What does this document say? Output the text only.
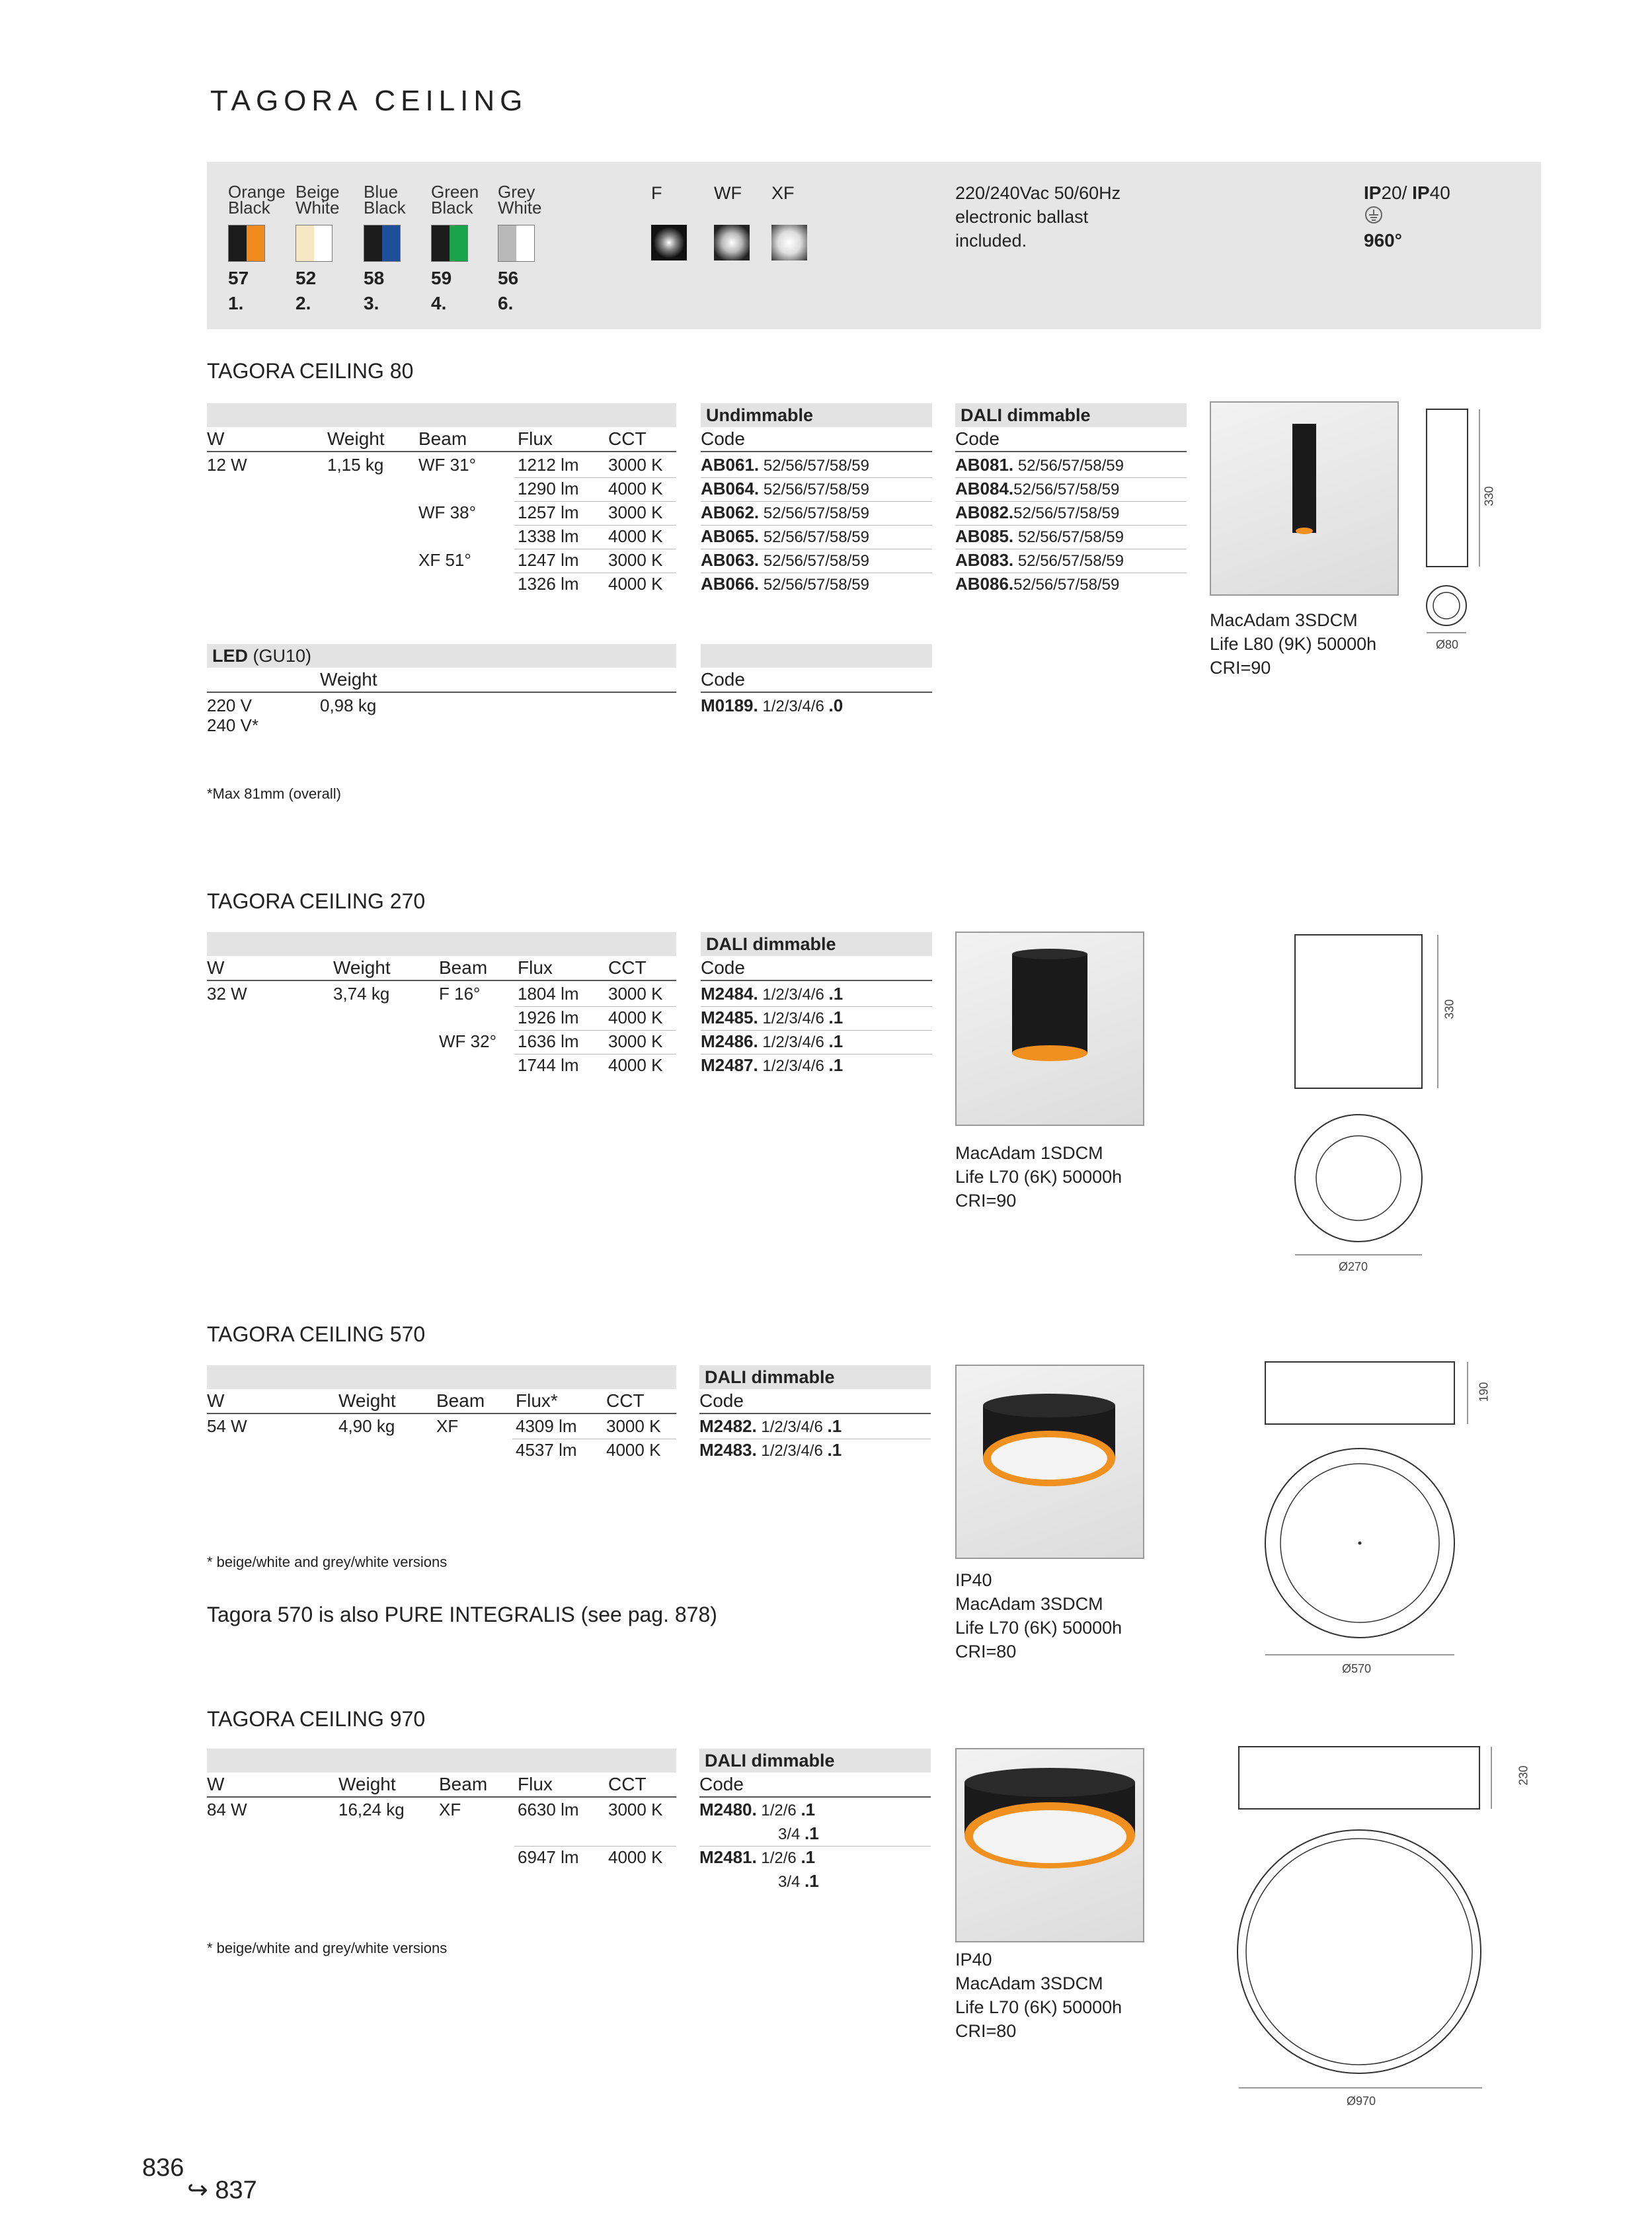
TAGORA CEILING
Orange
Black
57
1.
Beige
White
52
2.
Blue
Black
58
3.
Green
Black
59
4.
Grey
White
56
6.
F	WF XF	220/240Vac 50/60Hz
electronic ballast
included.
IP20/ IP40
960°
TAGORA CEILING 80
Undimmable	DALI dimmable
W	Weight Beam	Flux	CCT	Code	Code
12 W	1,15 kg WF 31° 1212 lm 3000 K AB061. 52/56/57/58/59	AB081. 52/56/57/58/59
1290 lm 4000 K AB064. 52/56/57/58/59	AB084.52/56/57/58/59
WF 38° 1257 lm 3000 K AB062. 52/56/57/58/59	AB082.52/56/57/58/59
1338 lm 4000 K AB065. 52/56/57/58/59	AB085. 52/56/57/58/59
XF 51°	1247 lm 3000 K AB063. 52/56/57/58/59	AB083. 52/56/57/58/59
1326 lm 4000 K AB066. 52/56/57/58/59	AB086.52/56/57/58/59
LED (GU10)
Weight	Code
220 V
240 V*
0,98 kg	M0189. 1/2/3/4/6 .0
*Max 81mm (overall)
MacAdam 3SDCM
Life L80 (9K) 50000h
CRI=90
330
Ø80
TAGORA CEILING 270
DALI dimmable
W	Weight	Beam Flux	CCT	Code
32 W	3,74 kg	F 16° 1804 lm 3000 K M2484. 1/2/3/4/6 .1
1926 lm 4000 K M2485. 1/2/3/4/6 .1
WF 32° 1636 lm 3000 K M2486. 1/2/3/4/6 .1
1744 lm 4000 K M2487. 1/2/3/4/6 .1
MacAdam 1SDCM
Life L70 (6K) 50000h
CRI=90
330
Ø270
TAGORA CEILING 570
DALI dimmable
W	Weight Beam Flux*	CCT	Code
54 W	4,90 kg XF	4309 lm 3000 K M2482. 1/2/3/4/6 .1
4537 lm 4000 K M2483. 1/2/3/4/6 .1
* beige/white and grey/white versions
Tagora 570 is also PURE INTEGRALIS (see pag. 878)
IP40
MacAdam 3SDCM
Life L70 (6K) 50000h
CRI=80
190
Ø570
TAGORA CEILING 970
DALI dimmable
W	Weight Beam Flux	CCT	Code
84 W	16,24 kg XF	6630 lm 3000 K M2480. 1/2/6 .1
3/4 .1
6947 lm 4000 K M2481. 1/2/6 .1
3/4 .1
* beige/white and grey/white versions
IP40
MacAdam 3SDCM
Life L70 (6K) 50000h
CRI=80
230
Ø970
836
↪ 837
